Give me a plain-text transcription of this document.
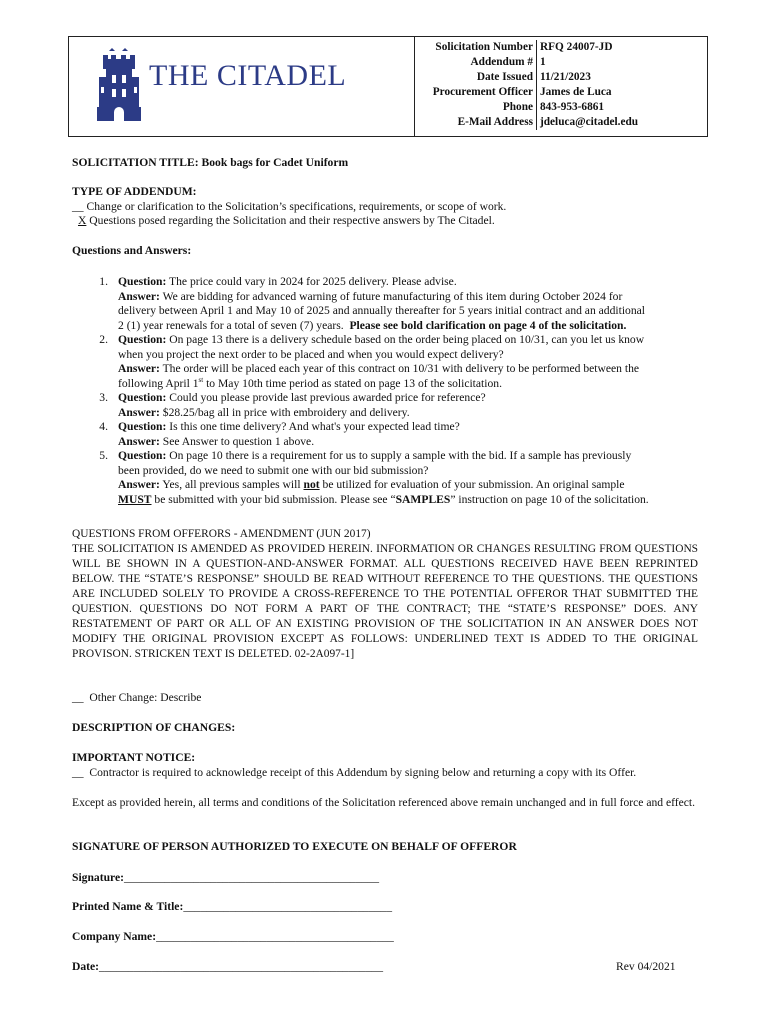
THE CITADEL
Solicitation Number RFQ 24007-JD
Addendum # 1
Date Issued 11/21/2023
Procurement Officer James de Luca
Phone 843-953-6861
E-Mail Address jdeluca@citadel.edu
SOLICITATION TITLE: Book bags for Cadet Uniform
TYPE OF ADDENDUM:
__ Change or clarification to the Solicitation’s specifications, requirements, or scope of work.
X Questions posed regarding the Solicitation and their respective answers by The Citadel.
Questions and Answers:
1. Question: The price could vary in 2024 for 2025 delivery. Please advise.
Answer: We are bidding for advanced warning of future manufacturing of this item during October 2024 for
delivery between April 1 and May 10 of 2025 and annually thereafter for 5 years initial contract and an additional
2 (1) year renewals for a total of seven (7) years. Please see bold clarification on page 4 of the solicitation.
2. Question: On page 13 there is a delivery schedule based on the order being placed on 10/31, can you let us know
when you project the next order to be placed and when you would expect delivery?
Answer: The order will be placed each year of this contract on 10/31 with delivery to be performed between the
following April 1st to May 10th time period as stated on page 13 of the solicitation.
3. Question: Could you please provide last previous awarded price for reference?
Answer: $28.25/bag all in price with embroidery and delivery.
4. Question: Is this one time delivery? And what's your expected lead time?
Answer: See Answer to question 1 above.
5. Question: On page 10 there is a requirement for us to supply a sample with the bid. If a sample has previously
been provided, do we need to submit one with our bid submission?
Answer: Yes, all previous samples will not be utilized for evaluation of your submission. An original sample
MUST be submitted with your bid submission. Please see “SAMPLES” instruction on page 10 of the solicitation.
QUESTIONS FROM OFFERORS - AMENDMENT (JUN 2017)
THE SOLICITATION IS AMENDED AS PROVIDED HEREIN. INFORMATION OR CHANGES RESULTING FROM QUESTIONS WILL BE SHOWN IN A QUESTION-AND-ANSWER FORMAT. ALL QUESTIONS RECEIVED HAVE BEEN REPRINTED BELOW. THE “STATE’S RESPONSE” SHOULD BE READ WITHOUT REFERENCE TO THE QUESTIONS. THE QUESTIONS ARE INCLUDED SOLELY TO PROVIDE A CROSS-REFERENCE TO THE POTENTIAL OFFEROR THAT SUBMITTED THE QUESTION. QUESTIONS DO NOT FORM A PART OF THE CONTRACT; THE “STATE’S RESPONSE” DOES. ANY RESTATEMENT OF PART OR ALL OF AN EXISTING PROVISION OF THE SOLICITATION IN AN ANSWER DOES NOT MODIFY THE ORIGINAL PROVISION EXCEPT AS FOLLOWS: UNDERLINED TEXT IS ADDED TO THE ORIGINAL PROVISON. STRICKEN TEXT IS DELETED. 02-2A097-1]
__ Other Change: Describe
DESCRIPTION OF CHANGES:
IMPORTANT NOTICE:
__ Contractor is required to acknowledge receipt of this Addendum by signing below and returning a copy with its Offer.
Except as provided herein, all terms and conditions of the Solicitation referenced above remain unchanged and in full force and effect.
SIGNATURE OF PERSON AUTHORIZED TO EXECUTE ON BEHALF OF OFFEROR
Signature:____________________________________________
Printed Name & Title:____________________________________
Company Name:_________________________________________
Date:_________________________________________________	Rev 04/2021
